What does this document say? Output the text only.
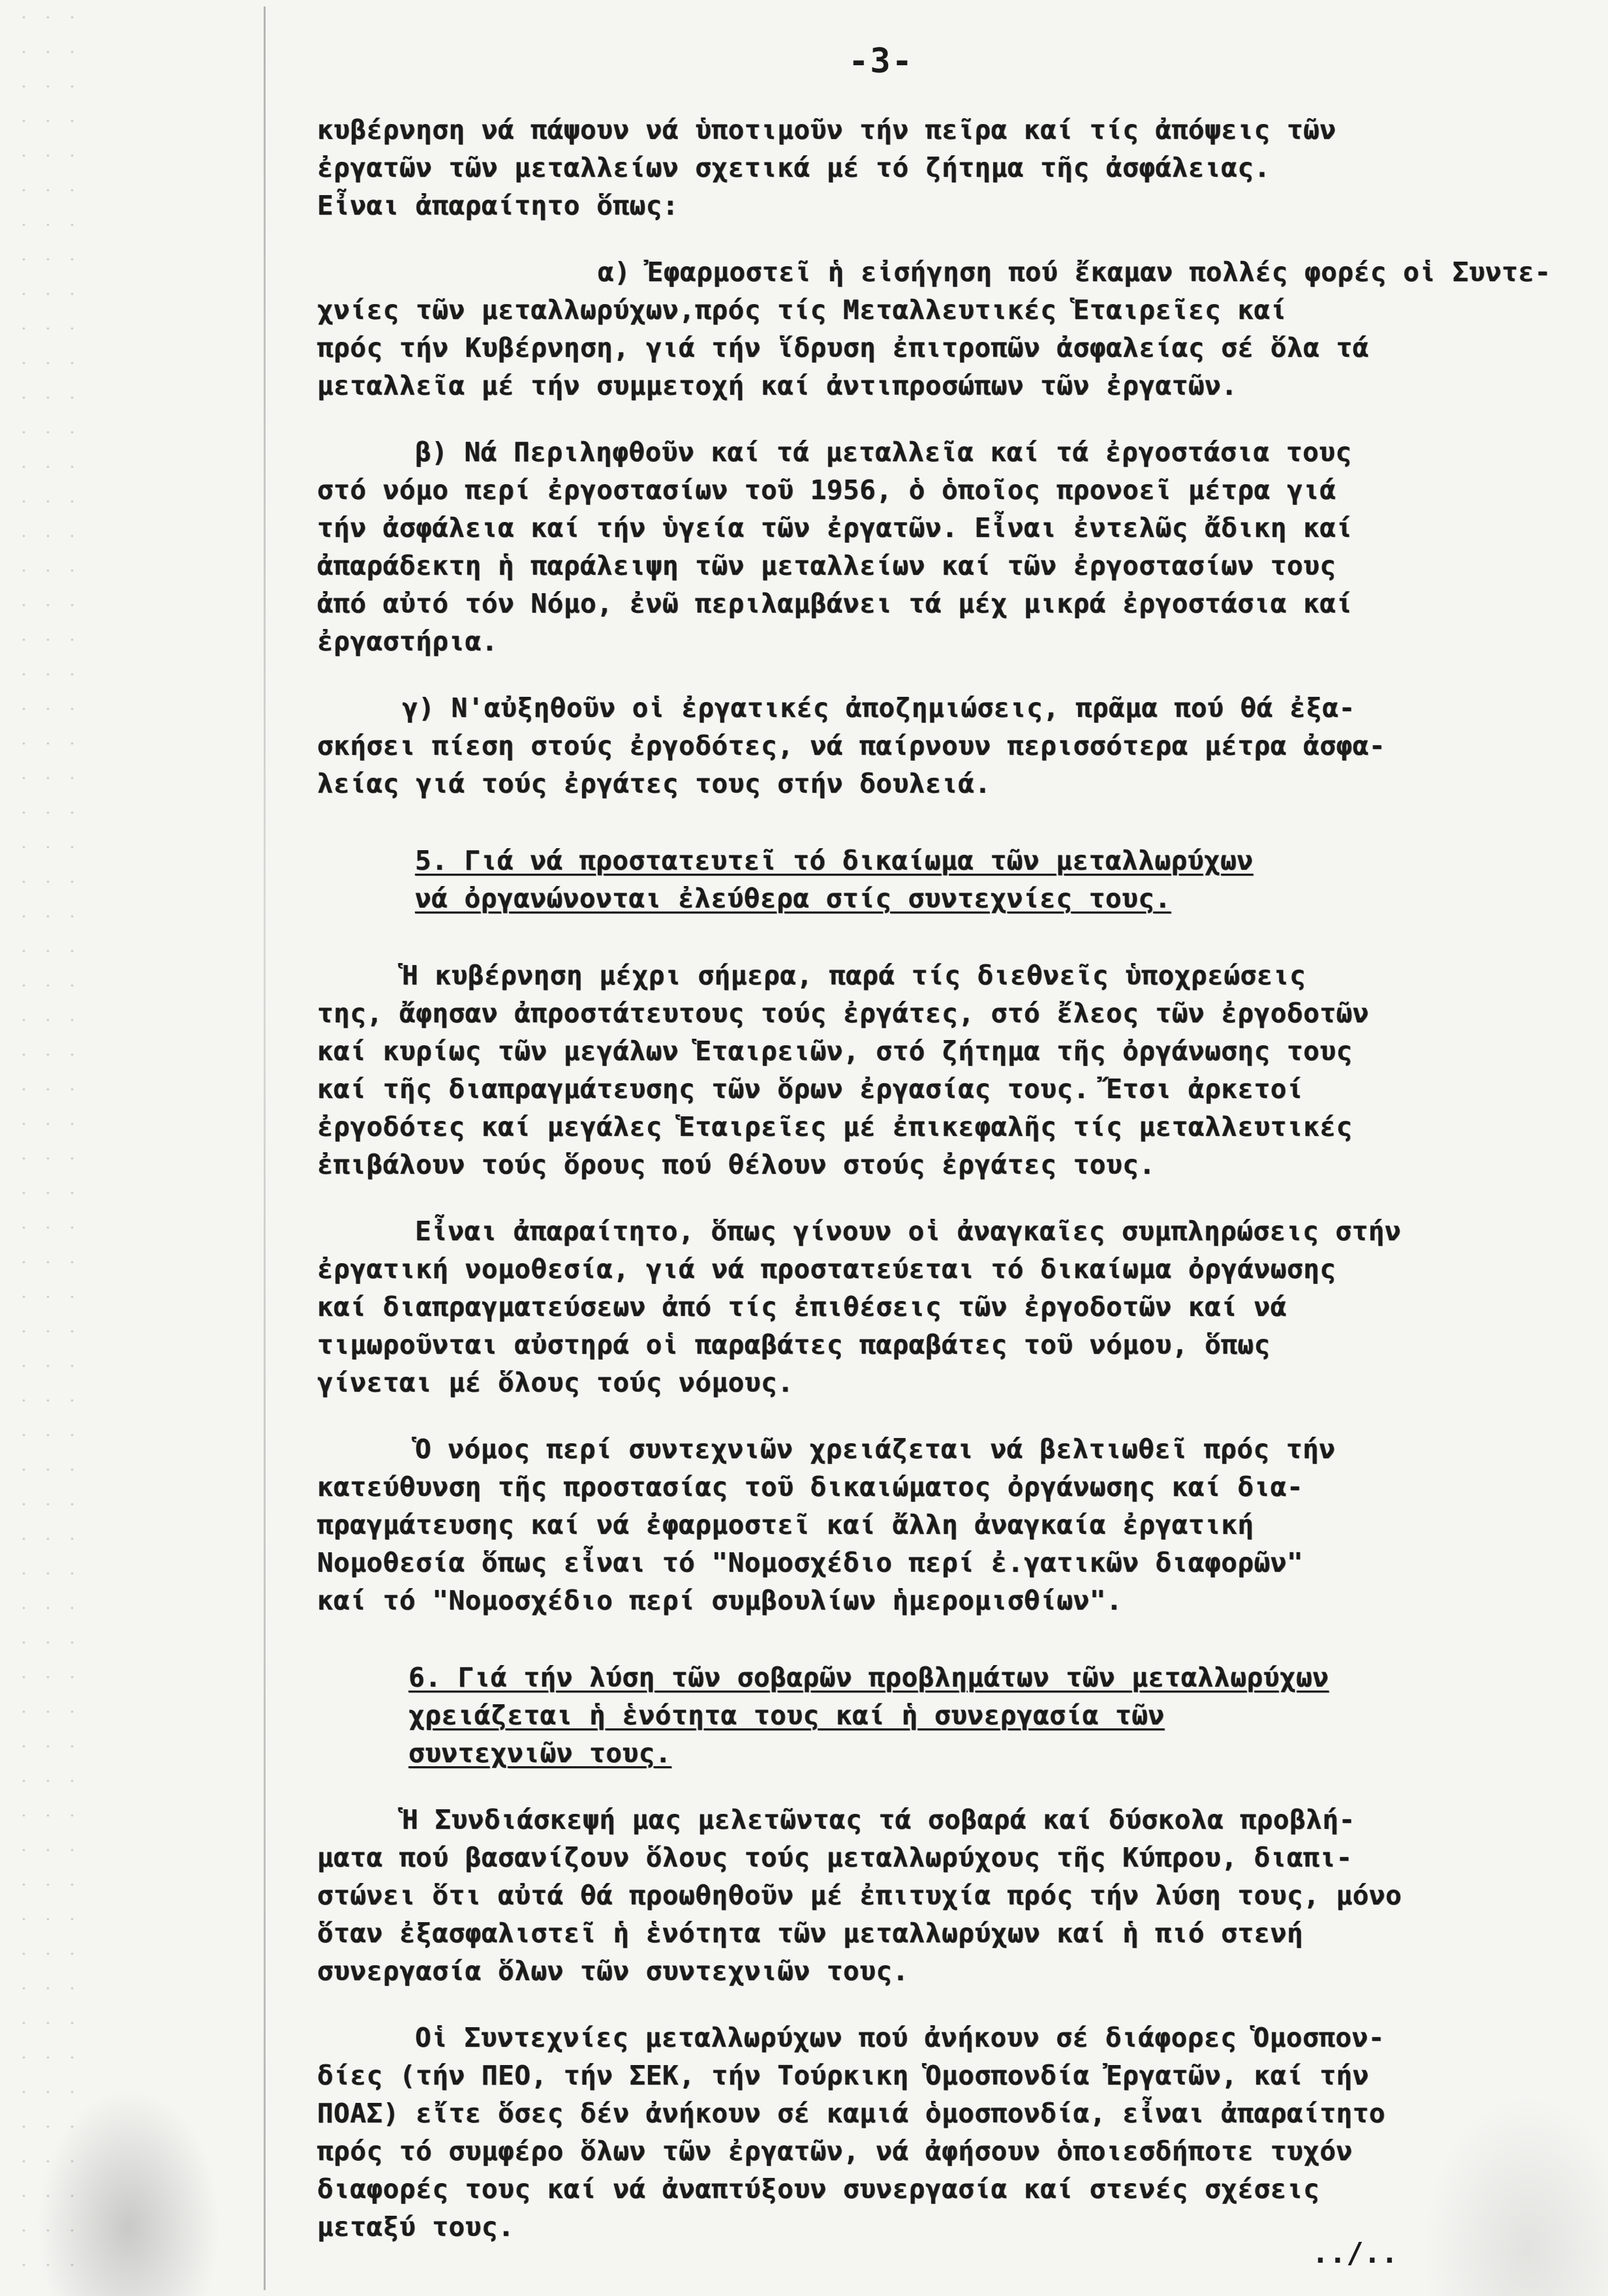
-3-
κυβέρνηση νά πάψουν νά ὑποτιμοῦν τήν πεῖρα καί τίς ἀπόψεις τῶν
ἐργατῶν τῶν μεταλλείων σχετικά μέ τό ζήτημα τῆς ἀσφάλειας.
Εἶναι ἀπαραίτητο ὅπως:
α) Ἐφαρμοστεῖ ἡ εἰσήγηση πού ἔκαμαν πολλές φορές οἱ Συντε-
χνίες τῶν μεταλλωρύχων,πρός τίς Μεταλλευτικές Ἑταιρεῖες καί
πρός τήν Κυβέρνηση, γιά τήν ἵδρυση ἐπιτροπῶν ἀσφαλείας σέ ὅλα τά
μεταλλεῖα μέ τήν συμμετοχή καί ἀντιπροσώπων τῶν ἐργατῶν.
β) Νά Περιληφθοῦν καί τά μεταλλεῖα καί τά ἐργοστάσια τους
στό νόμο περί ἐργοστασίων τοῦ 1956, ὁ ὁποῖος προνοεῖ μέτρα γιά
τήν ἀσφάλεια καί τήν ὑγεία τῶν ἐργατῶν. Εἶναι ἐντελῶς ἄδικη καί
ἀπαράδεκτη ἡ παράλειψη τῶν μεταλλείων καί τῶν ἐργοστασίων τους
ἀπό αὐτό τόν Νόμο, ἐνῶ περιλαμβάνει τά μέχ μικρά ἐργοστάσια καί
ἐργαστήρια.
γ) Ν'αὐξηθοῦν οἱ ἐργατικές ἀποζημιώσεις, πρᾶμα πού θά ἐξα-
σκήσει πίεση στούς ἐργοδότες, νά παίρνουν περισσότερα μέτρα ἀσφα-
λείας γιά τούς ἐργάτες τους στήν δουλειά.
5. Γιά νά προστατευτεῖ τό δικαίωμα τῶν μεταλλωρύχων
νά ὀργανώνονται ἐλεύθερα στίς συντεχνίες τους.
Ἡ κυβέρνηση μέχρι σήμερα, παρά τίς διεθνεῖς ὑποχρεώσεις
της, ἄφησαν ἀπροστάτευτους τούς ἐργάτες, στό ἔλεος τῶν ἐργοδοτῶν
καί κυρίως τῶν μεγάλων Ἑταιρειῶν, στό ζήτημα τῆς ὀργάνωσης τους
καί τῆς διαπραγμάτευσης τῶν ὅρων ἐργασίας τους. Ἔτσι ἀρκετοί
ἐργοδότες καί μεγάλες Ἑταιρεῖες μέ ἐπικεφαλῆς τίς μεταλλευτικές
ἐπιβάλουν τούς ὅρους πού θέλουν στούς ἐργάτες τους.
Εἶναι ἀπαραίτητο, ὅπως γίνουν οἱ ἀναγκαῖες συμπληρώσεις στήν
ἐργατική νομοθεσία, γιά νά προστατεύεται τό δικαίωμα ὀργάνωσης
καί διαπραγματεύσεων ἀπό τίς ἐπιθέσεις τῶν ἐργοδοτῶν καί νά
τιμωροῦνται αὐστηρά οἱ παραβάτες παραβάτες τοῦ νόμου, ὅπως
γίνεται μέ ὅλους τούς νόμους.
Ὁ νόμος περί συντεχνιῶν χρειάζεται νά βελτιωθεῖ πρός τήν
κατεύθυνση τῆς προστασίας τοῦ δικαιώματος ὀργάνωσης καί δια-
πραγμάτευσης καί νά ἐφαρμοστεῖ καί ἄλλη ἀναγκαία ἐργατική
Νομοθεσία ὅπως εἶναι τό "Νομοσχέδιο περί ἐ.γατικῶν διαφορῶν"
καί τό "Νομοσχέδιο περί συμβουλίων ἡμερομισθίων".
6. Γιά τήν λύση τῶν σοβαρῶν προβλημάτων τῶν μεταλλωρύχων
χρειάζεται ἡ ἑνότητα τους καί ἡ συνεργασία τῶν
συντεχνιῶν τους.
Ἡ Συνδιάσκεψή μας μελετῶντας τά σοβαρά καί δύσκολα προβλή-
ματα πού βασανίζουν ὅλους τούς μεταλλωρύχους τῆς Κύπρου, διαπι-
στώνει ὅτι αὐτά θά προωθηθοῦν μέ ἐπιτυχία πρός τήν λύση τους, μόνο
ὅταν ἐξασφαλιστεῖ ἡ ἑνότητα τῶν μεταλλωρύχων καί ἡ πιό στενή
συνεργασία ὅλων τῶν συντεχνιῶν τους.
Οἱ Συντεχνίες μεταλλωρύχων πού ἀνήκουν σέ διάφορες Ὁμοσπον-
δίες (τήν ΠΕΟ, τήν ΣΕΚ, τήν Τούρκικη Ὁμοσπονδία Ἐργατῶν, καί τήν
ΠΟΑΣ) εἴτε ὅσες δέν ἀνήκουν σέ καμιά ὁμοσπονδία, εἶναι ἀπαραίτητο
πρός τό συμφέρο ὅλων τῶν ἐργατῶν, νά ἀφήσουν ὁποιεσδήποτε τυχόν
διαφορές τους καί νά ἀναπτύξουν συνεργασία καί στενές σχέσεις
μεταξύ τους.
../..
